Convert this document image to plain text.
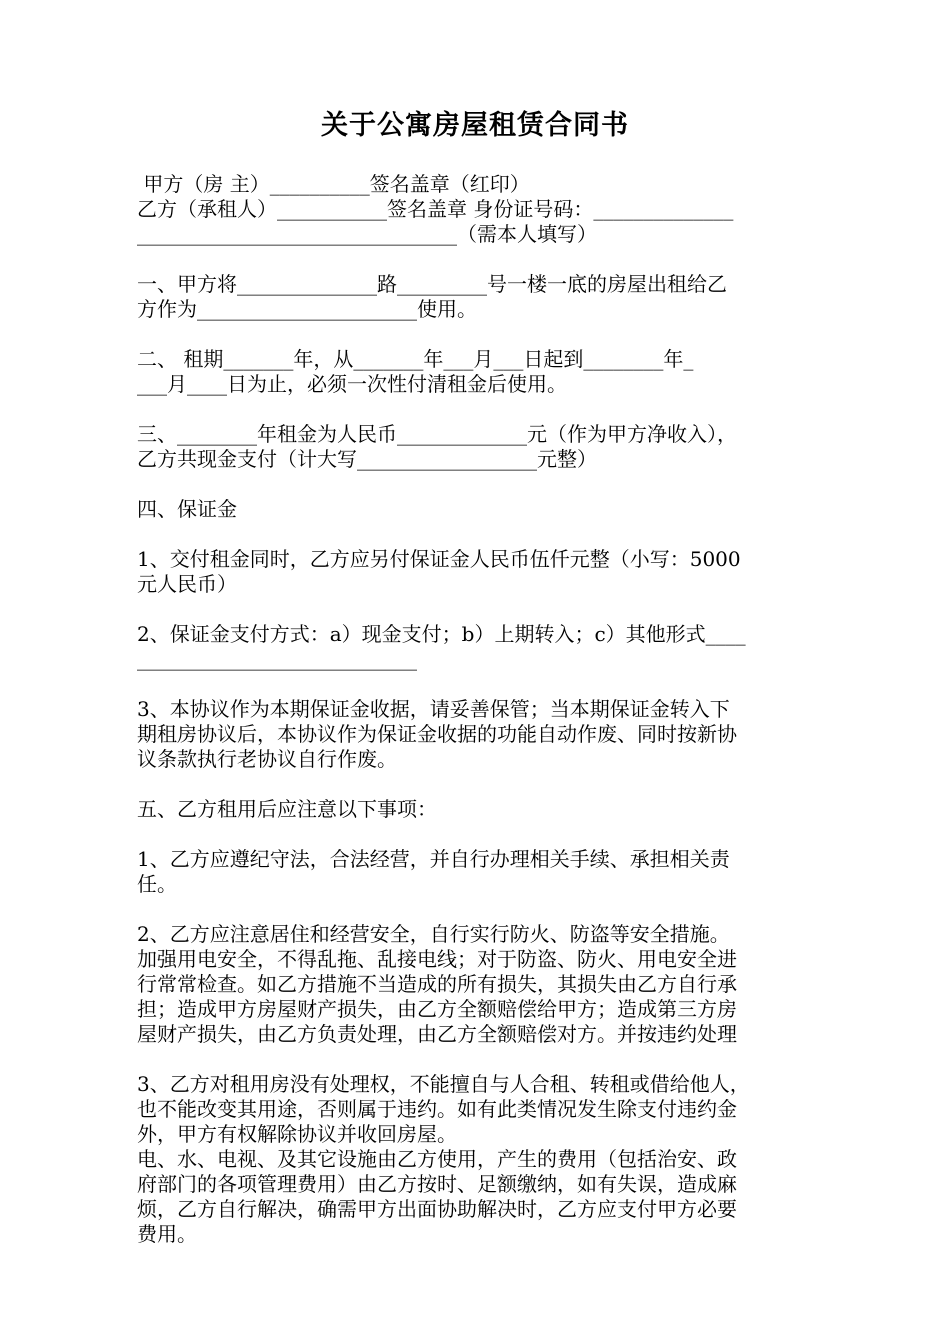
关于公寓房屋租赁合同书
甲方（房 主）__________签名盖章（红印）
乙方（承租人）___________签名盖章 身份证号码：______________
________________________________（需本人填写）
一、甲方将______________路_________号一楼一底的房屋出租给乙
方作为______________________使用。
二、 租期_______年，从_______年___月___日起到________年_
___月____日为止，必须一次性付清租金后使用。
三、________年租金为人民币_____________元（作为甲方净收入），
乙方共现金支付（计大写__________________元整）
四、保证金
1、交付租金同时，乙方应另付保证金人民币伍仟元整（小写：5000
元人民币）
2、保证金支付方式：a）现金支付；b）上期转入；c）其他形式____
____________________________
3、本协议作为本期保证金收据，请妥善保管；当本期保证金转入下
期租房协议后，本协议作为保证金收据的功能自动作废、同时按新协
议条款执行老协议自行作废。
五、乙方租用后应注意以下事项：
1、乙方应遵纪守法，合法经营，并自行办理相关手续、承担相关责
任。
2、乙方应注意居住和经营安全，自行实行防火、防盗等安全措施。
加强用电安全，不得乱拖、乱接电线；对于防盗、防火、用电安全进
行常常检查。如乙方措施不当造成的所有损失，其损失由乙方自行承
担；造成甲方房屋财产损失，由乙方全额赔偿给甲方；造成第三方房
屋财产损失，由乙方负责处理，由乙方全额赔偿对方。并按违约处理
3、乙方对租用房没有处理权，不能擅自与人合租、转租或借给他人，
也不能改变其用途，否则属于违约。如有此类情况发生除支付违约金
外，甲方有权解除协议并收回房屋。
电、水、电视、及其它设施由乙方使用，产生的费用（包括治安、政
府部门的各项管理费用）由乙方按时、足额缴纳，如有失误，造成麻
烦，乙方自行解决，确需甲方出面协助解决时，乙方应支付甲方必要
费用。
